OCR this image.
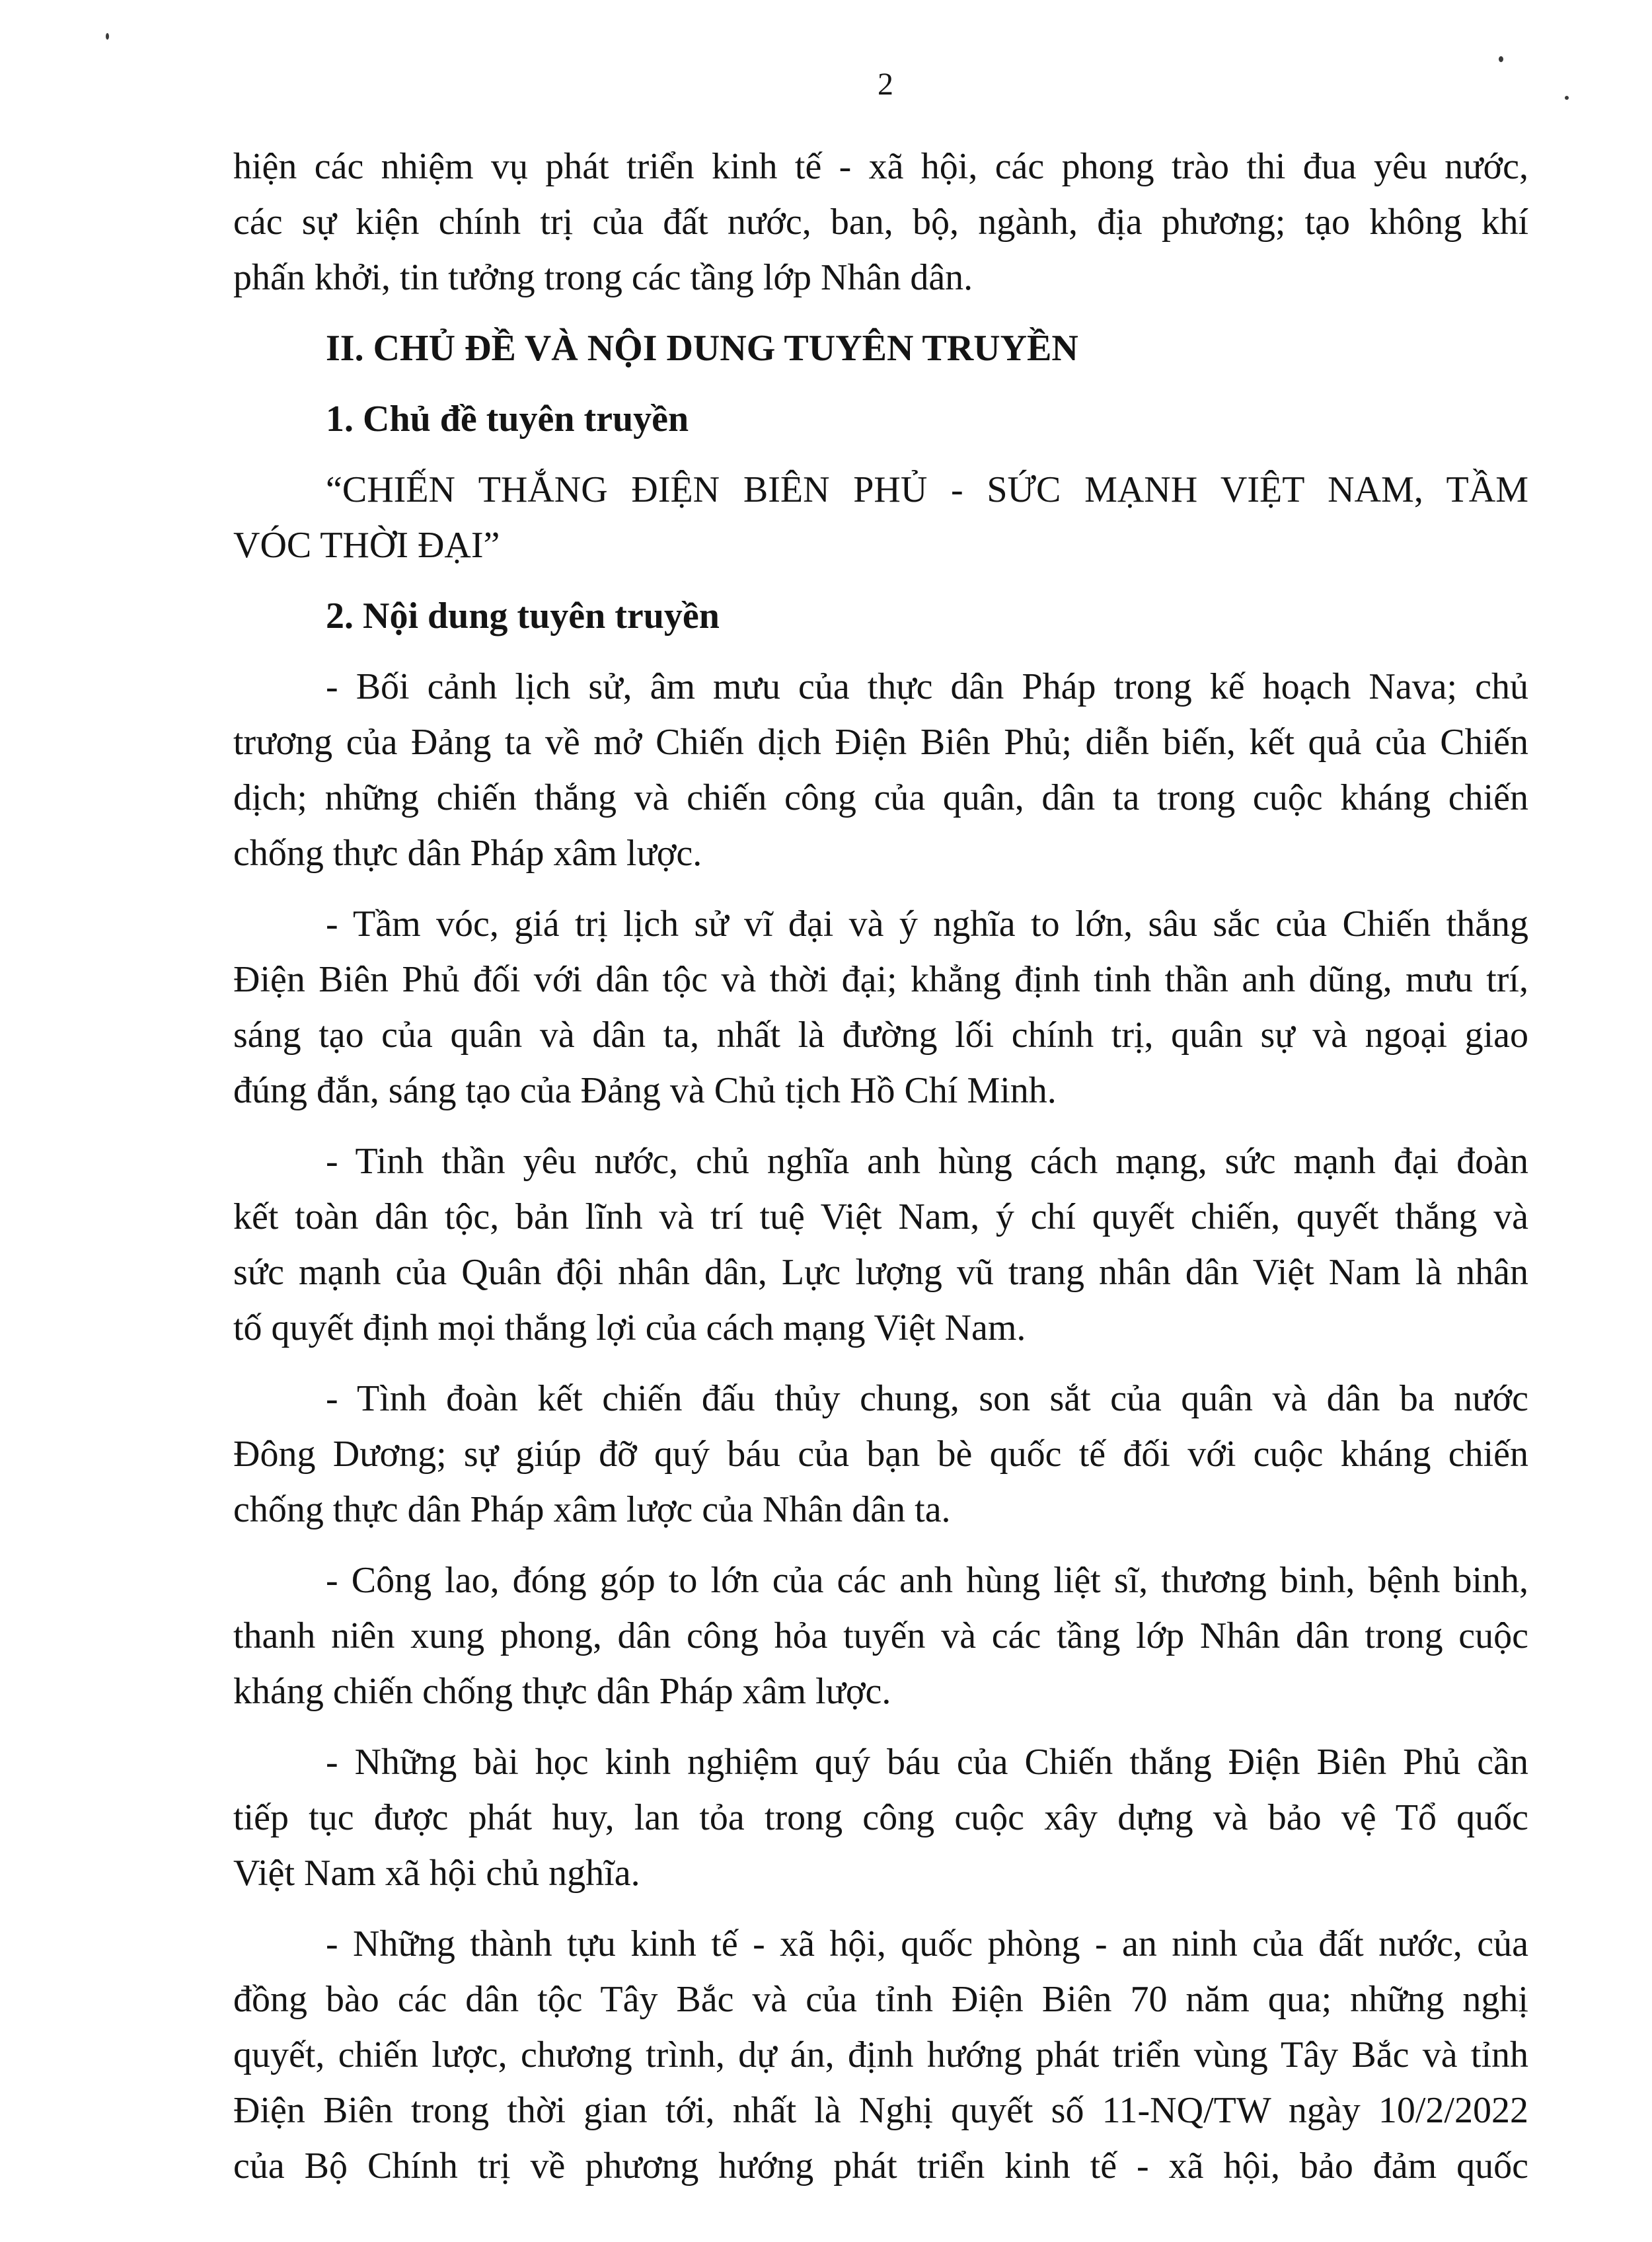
2
hiện các nhiệm vụ phát triển kinh tế - xã hội, các phong trào thi đua yêu nước,
các sự kiện chính trị của đất nước, ban, bộ, ngành, địa phương; tạo không khí
phấn khởi, tin tưởng trong các tầng lớp Nhân dân.
II. CHỦ ĐỀ VÀ NỘI DUNG TUYÊN TRUYỀN
1. Chủ đề tuyên truyền
“CHIẾN THẮNG ĐIỆN BIÊN PHỦ - SỨC MẠNH VIỆT NAM, TẦM
VÓC THỜI ĐẠI”
2. Nội dung tuyên truyền
- Bối cảnh lịch sử, âm mưu của thực dân Pháp trong kế hoạch Nava; chủ
trương của Đảng ta về mở Chiến dịch Điện Biên Phủ; diễn biến, kết quả của Chiến
dịch; những chiến thắng và chiến công của quân, dân ta trong cuộc kháng chiến
chống thực dân Pháp xâm lược.
- Tầm vóc, giá trị lịch sử vĩ đại và ý nghĩa to lớn, sâu sắc của Chiến thắng
Điện Biên Phủ đối với dân tộc và thời đại; khẳng định tinh thần anh dũng, mưu trí,
sáng tạo của quân và dân ta, nhất là đường lối chính trị, quân sự và ngoại giao
đúng đắn, sáng tạo của Đảng và Chủ tịch Hồ Chí Minh.
- Tinh thần yêu nước, chủ nghĩa anh hùng cách mạng, sức mạnh đại đoàn
kết toàn dân tộc, bản lĩnh và trí tuệ Việt Nam, ý chí quyết chiến, quyết thắng và
sức mạnh của Quân đội nhân dân, Lực lượng vũ trang nhân dân Việt Nam là nhân
tố quyết định mọi thắng lợi của cách mạng Việt Nam.
- Tình đoàn kết chiến đấu thủy chung, son sắt của quân và dân ba nước
Đông Dương; sự giúp đỡ quý báu của bạn bè quốc tế đối với cuộc kháng chiến
chống thực dân Pháp xâm lược của Nhân dân ta.
- Công lao, đóng góp to lớn của các anh hùng liệt sĩ, thương binh, bệnh binh,
thanh niên xung phong, dân công hỏa tuyến và các tầng lớp Nhân dân trong cuộc
kháng chiến chống thực dân Pháp xâm lược.
- Những bài học kinh nghiệm quý báu của Chiến thắng Điện Biên Phủ cần
tiếp tục được phát huy, lan tỏa trong công cuộc xây dựng và bảo vệ Tổ quốc
Việt Nam xã hội chủ nghĩa.
- Những thành tựu kinh tế - xã hội, quốc phòng - an ninh của đất nước, của
đồng bào các dân tộc Tây Bắc và của tỉnh Điện Biên 70 năm qua; những nghị
quyết, chiến lược, chương trình, dự án, định hướng phát triển vùng Tây Bắc và tỉnh
Điện Biên trong thời gian tới, nhất là Nghị quyết số 11-NQ/TW ngày 10/2/2022
của Bộ Chính trị về phương hướng phát triển kinh tế - xã hội, bảo đảm quốc
